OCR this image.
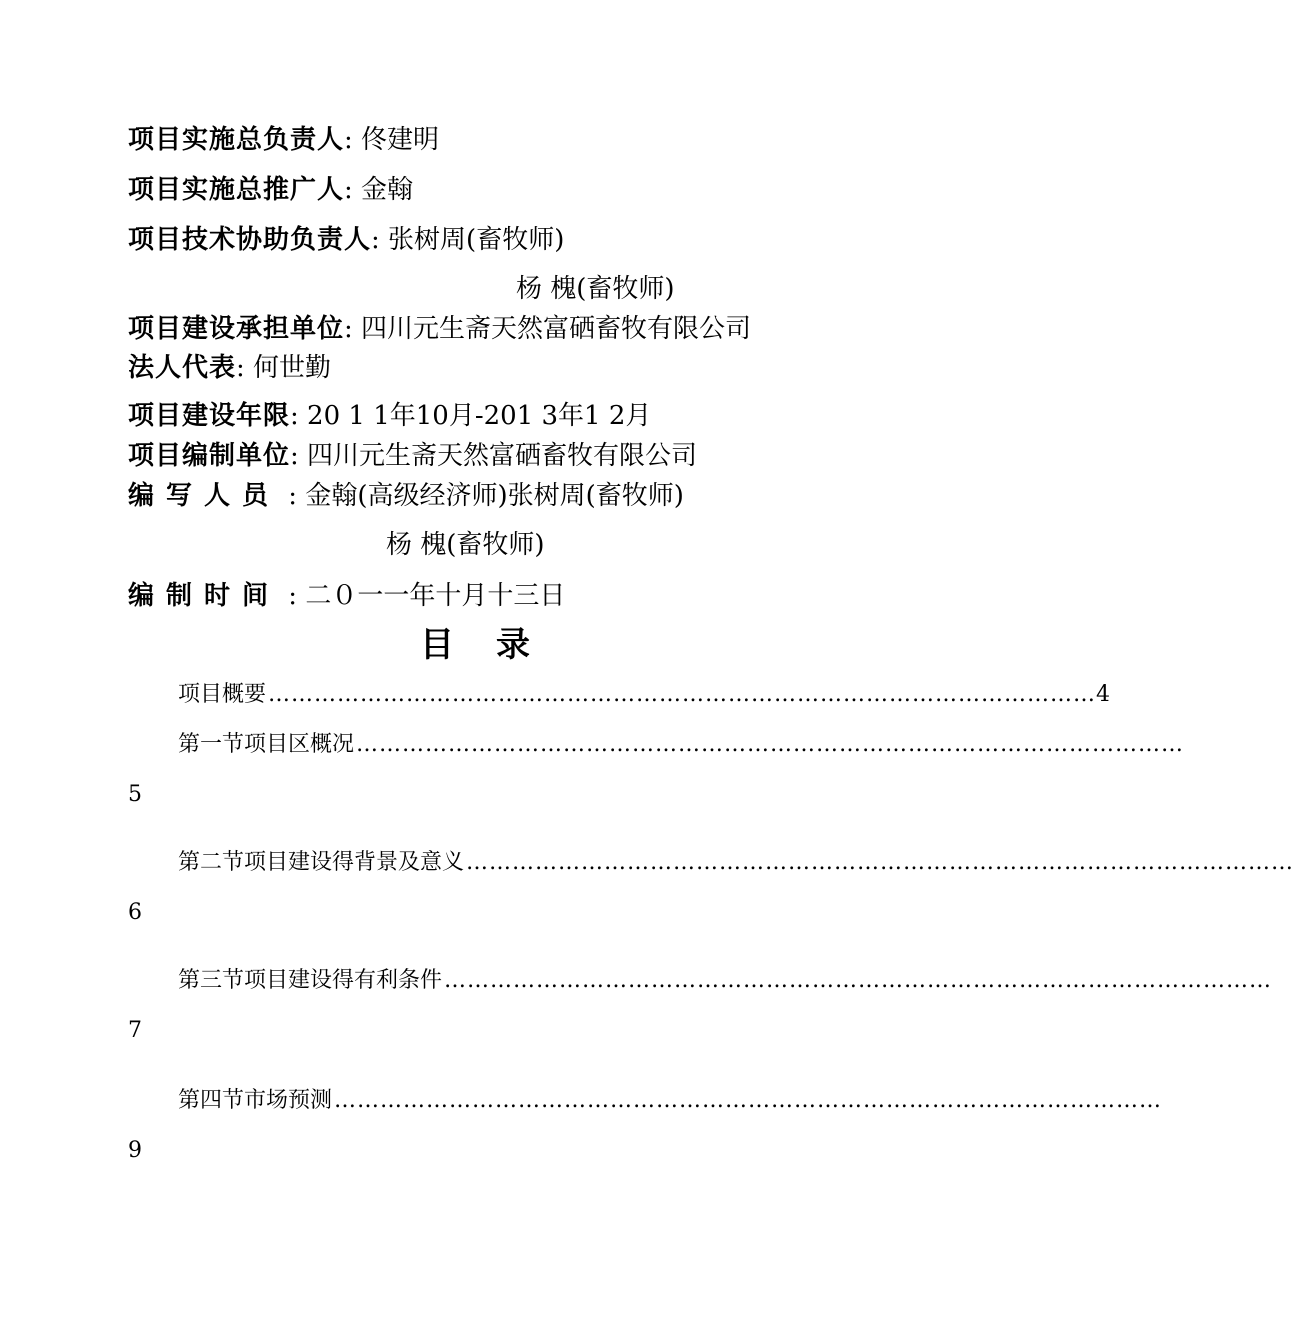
项目实施总负责人: 佟建明
项目实施总推广人: 金翰
项目技术协助负责人: 张树周(畜牧师)
杨 槐(畜牧师)
项目建设承担单位: 四川元生斋天然富硒畜牧有限公司
法人代表: 何世勤
项目建设年限: 20 1 1年10月-201 3年1 2月
项目编制单位: 四川元生斋天然富硒畜牧有限公司
编写人员 : 金翰(高级经济师)张树周(畜牧师)
杨 槐(畜牧师)
编制时间 : 二０一一年十月十三日
目录
项目概要 ……………………………………………………………………………………………… 4
第一节 项目区概况 ………………………………………………………………………………………………
5
第二节 项目建设得背景及意义 ………………………………………………………………………………………………
6
第三节 项目建设得有利条件 ………………………………………………………………………………………………
7
第四节 市场预测 ………………………………………………………………………………………………
9
